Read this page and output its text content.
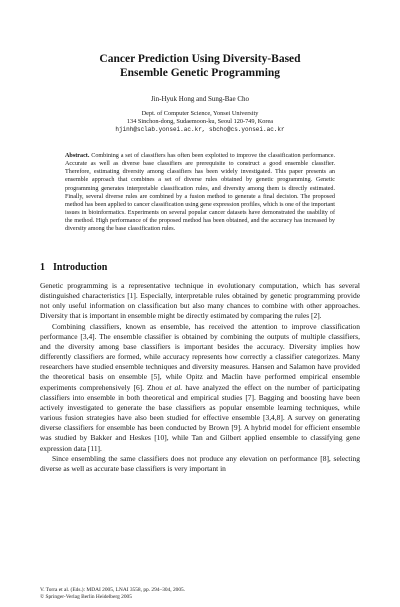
Cancer Prediction Using Diversity-Based
Ensemble Genetic Programming
Jin-Hyuk Hong and Sung-Bae Cho
Dept. of Computer Science, Yonsei University
134 Sinchon-dong, Sudaemoon-ku, Seoul 120-749, Korea
hjinh@sclab.yonsei.ac.kr, sbcho@cs.yonsei.ac.kr
Abstract. Combining a set of classifiers has often been exploited to improve the classification performance. Accurate as well as diverse base classifiers are prerequisite to construct a good ensemble classifier. Therefore, estimating diversity among classifiers has been widely investigated. This paper presents an ensemble approach that combines a set of diverse rules obtained by genetic programming. Genetic programming generates interpretable classification rules, and diversity among them is directly estimated. Finally, several diverse rules are combined by a fusion method to generate a final decision. The proposed method has been applied to cancer classification using gene expression profiles, which is one of the important issues in bioinformatics. Experiments on several popular cancer datasets have demonstrated the usability of the method. High performance of the proposed method has been obtained, and the accuracy has increased by diversity among the base classification rules.
1 Introduction

Genetic programming is a representative technique in evolutionary computation, which has several distinguished characteristics [1]. Especially, interpretable rules obtained by genetic programming provide not only useful information on classification but also many chances to combine with other approaches. Diversity that is important in ensemble might be directly estimated by comparing the rules [2].

Combining classifiers, known as ensemble, has received the attention to improve classification performance [3,4]. The ensemble classifier is obtained by combining the outputs of multiple classifiers, and the diversity among base classifiers is important besides the accuracy. Diversity implies how differently classifiers are formed, while accuracy represents how correctly a classifier categorizes. Many researchers have studied ensemble techniques and diversity measures. Hansen and Salamon have provided the theoretical basis on ensemble [5], while Opitz and Maclin have performed empirical ensemble experiments comprehensively [6]. Zhou et al. have analyzed the effect on the number of participating classifiers into ensemble in both theoretical and empirical studies [7]. Bagging and boosting have been actively investigated to generate the base classifiers as popular ensemble learning techniques, while various fusion strategies have also been studied for effective ensemble [3,4,8]. A survey on generating diverse classifiers for ensemble has been conducted by Brown [9]. A hybrid model for efficient ensemble was studied by Bakker and Heskes [10], while Tan and Gilbert applied ensemble to classifying gene expression data [11].

Since ensembling the same classifiers does not produce any elevation on performance [8], selecting diverse as well as accurate base classifiers is very important in

V. Torra et al. (Eds.): MDAI 2005, LNAI 3558, pp. 294–304, 2005.
© Springer-Verlag Berlin Heidelberg 2005
